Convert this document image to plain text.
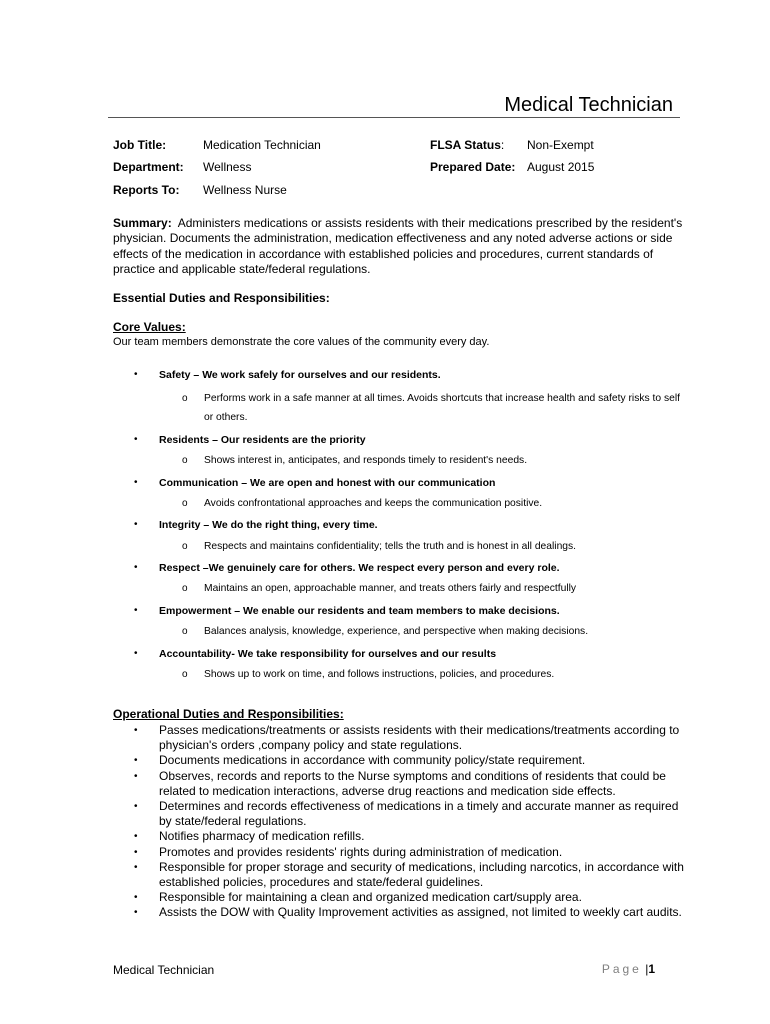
Medical Technician
Job Title:	Medication Technician
Department: Wellness
Reports To: Wellness Nurse
FLSA Status: Non-Exempt
Prepared Date: August 2015
Summary: Administers medications or assists residents with their medications prescribed by the resident's physician. Documents the administration, medication effectiveness and any noted adverse actions or side effects of the medication in accordance with established policies and procedures, current standards of practice and applicable state/federal regulations.
Essential Duties and Responsibilities:
Core Values:
Our team members demonstrate the core values of the community every day.
• Safety – We work safely for ourselves and our residents.
o Performs work in a safe manner at all times. Avoids shortcuts that increase health and safety risks to self or others.
• Residents – Our residents are the priority
o Shows interest in, anticipates, and responds timely to resident's needs.
• Communication – We are open and honest with our communication
o Avoids confrontational approaches and keeps the communication positive.
• Integrity – We do the right thing, every time.
o Respects and maintains confidentiality; tells the truth and is honest in all dealings.
• Respect –We genuinely care for others. We respect every person and every role.
o Maintains an open, approachable manner, and treats others fairly and respectfully
• Empowerment – We enable our residents and team members to make decisions.
o Balances analysis, knowledge, experience, and perspective when making decisions.
• Accountability- We take responsibility for ourselves and our results
o Shows up to work on time, and follows instructions, policies, and procedures.
Operational Duties and Responsibilities:
• Passes medications/treatments or assists residents with their medications/treatments according to physician's orders ,company policy and state regulations.
• Documents medications in accordance with community policy/state requirement.
• Observes, records and reports to the Nurse symptoms and conditions of residents that could be related to medication interactions, adverse drug reactions and medication side effects.
• Determines and records effectiveness of medications in a timely and accurate manner as required by state/federal regulations.
• Notifies pharmacy of medication refills.
• Promotes and provides residents' rights during administration of medication.
• Responsible for proper storage and security of medications, including narcotics, in accordance with established policies, procedures and state/federal guidelines.
• Responsible for maintaining a clean and organized medication cart/supply area.
• Assists the DOW with Quality Improvement activities as assigned, not limited to weekly cart audits.
Medical Technician	Page |1
